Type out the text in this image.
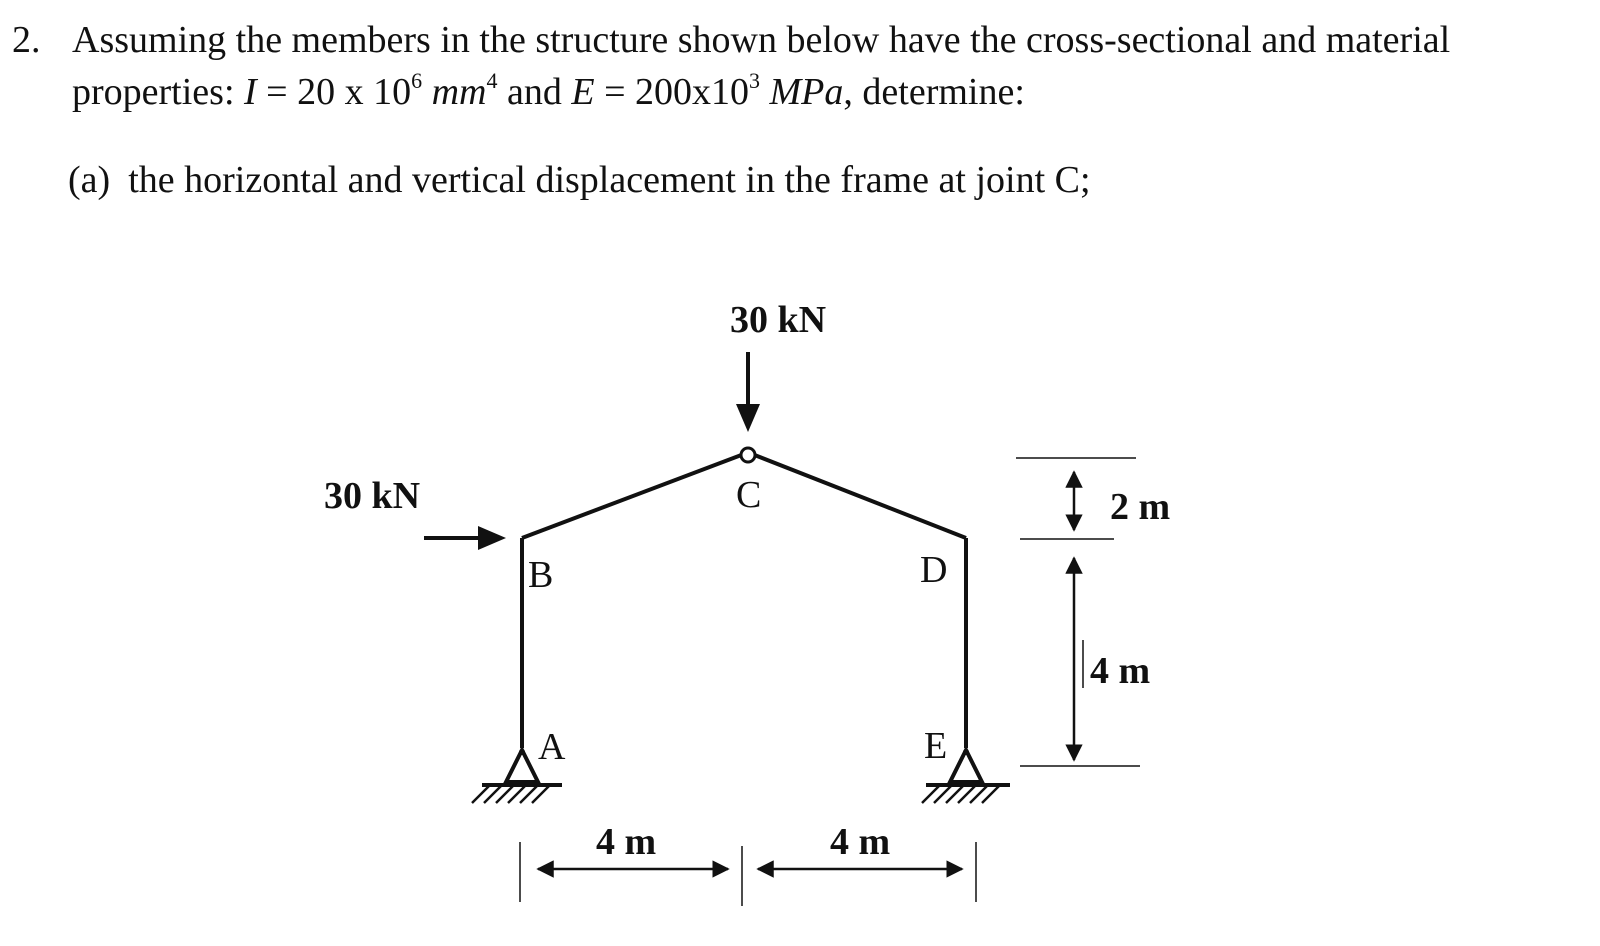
2. Assuming the members in the structure shown below have the cross-sectional and material
properties: I = 20 x $10^6$ $mm^4$ and $E = 200x10^3$ MPa, determine:
(a) the horizontal and vertical displacement in the frame at joint C;
30 kN
30 kN	C
B	D
A	E
2 m
4 m
4 m	4 m
